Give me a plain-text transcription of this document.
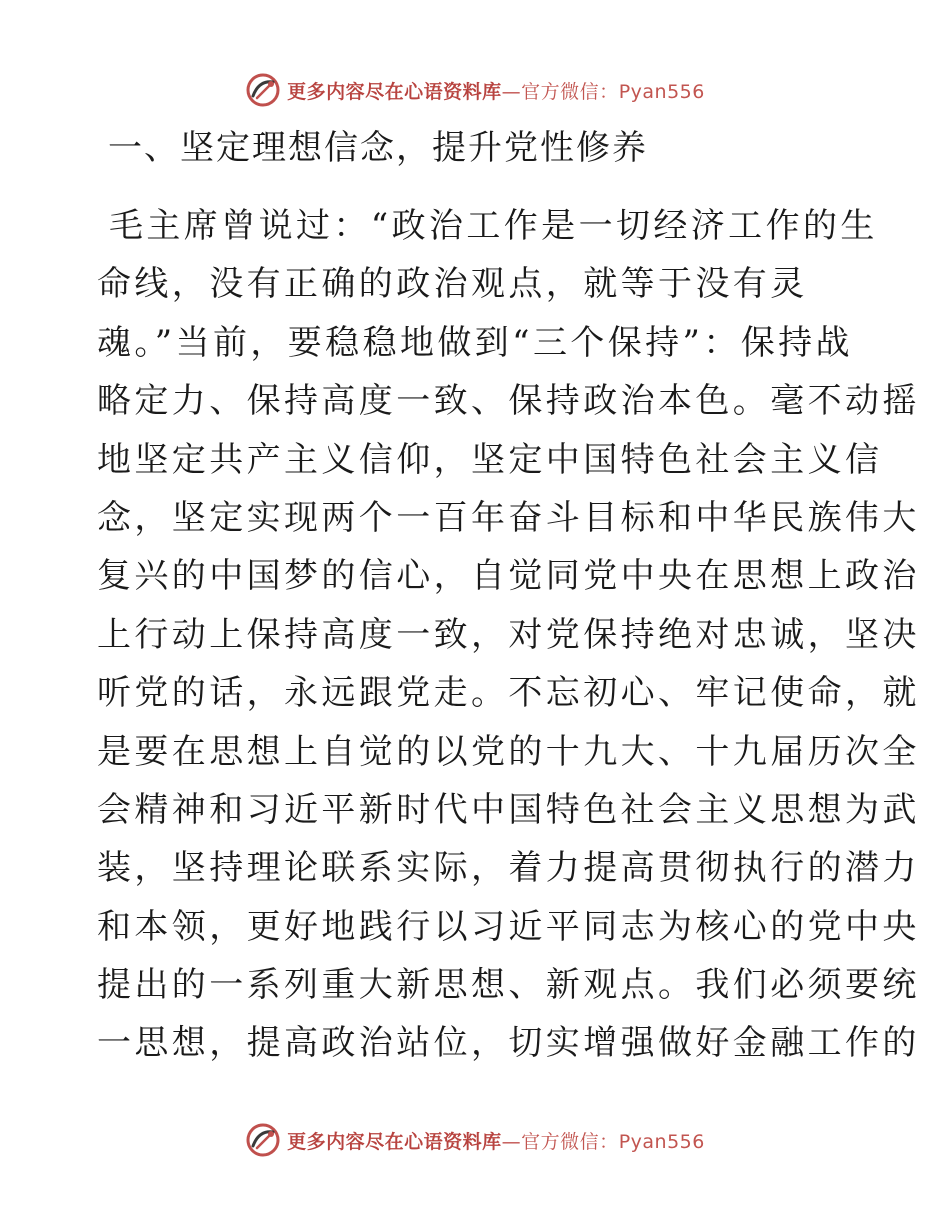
更多内容尽在心语资料库—官方微信：Pyan556
一、坚定理想信念，提升党性修养
毛主席曾说过：“政治工作是一切经济工作的生
命线，没有正确的政治观点，就等于没有灵
魂。”当前，要稳稳地做到“三个保持”：保持战
略定力、保持高度一致、保持政治本色。毫不动摇
地坚定共产主义信仰，坚定中国特色社会主义信
念，坚定实现两个一百年奋斗目标和中华民族伟大
复兴的中国梦的信心，自觉同党中央在思想上政治
上行动上保持高度一致，对党保持绝对忠诚，坚决
听党的话，永远跟党走。不忘初心、牢记使命，就
是要在思想上自觉的以党的十九大、十九届历次全
会精神和习近平新时代中国特色社会主义思想为武
装，坚持理论联系实际，着力提高贯彻执行的潜力
和本领，更好地践行以习近平同志为核心的党中央
提出的一系列重大新思想、新观点。我们必须要统
一思想，提高政治站位，切实增强做好金融工作的
更多内容尽在心语资料库—官方微信：Pyan556
